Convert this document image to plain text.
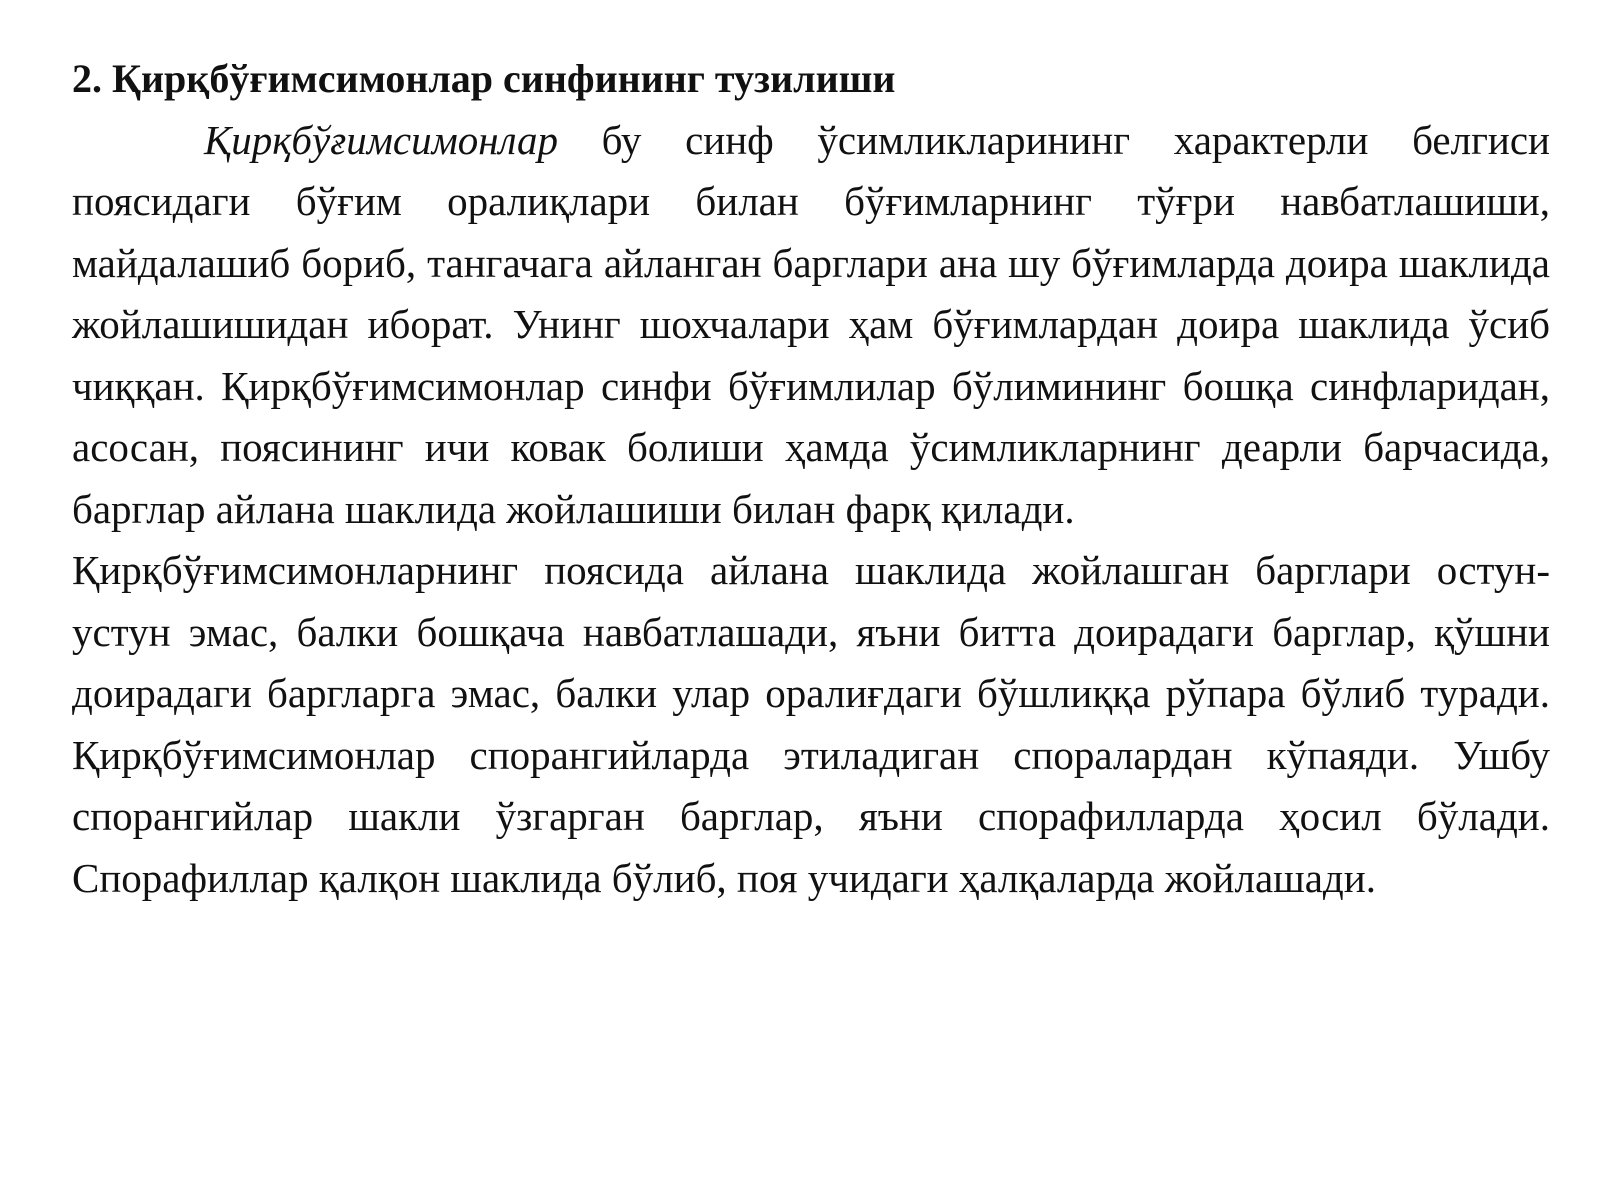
2. Қирқбўғимсимонлар синфининг тузилиши

Қирқбўғимсимонлар бу синф ўсимликларининг характерли белгиси поясидаги бўғим оралиқлари билан бўғимларнинг тўғри навбатлашиши, майдалашиб бориб, тангачага айланган барглари ана шу бўғимларда доира шаклида жойлашишидан иборат. Унинг шохчалари ҳам бўғимлардан доира шаклида ўсиб чиққан. Қирқбўғимсимонлар синфи бўғимлилар бўлимининг бошқа синфларидан, асосан, поясининг ичи ковак болиши ҳамда ўсимликларнинг деарли барчасида, барглар айлана шаклида жойлашиши билан фарқ қилади.

Қирқбўғимсимонларнинг поясида айлана шаклида жойлашган барглари остун-устун эмас, балки бошқача навбатлашади, яъни битта доирадаги барглар, қўшни доирадаги баргларга эмас, балки улар оралиғдаги бўшлиққа рўпара бўлиб туради. Қирқбўғимсимонлар спорангийларда этиладиган споралардан кўпаяди. Ушбу спорангийлар шакли ўзгарган барглар, яъни спорафилларда ҳосил бўлади. Спорафиллар қалқон шаклида бўлиб, поя учидаги ҳалқаларда жойлашади.
